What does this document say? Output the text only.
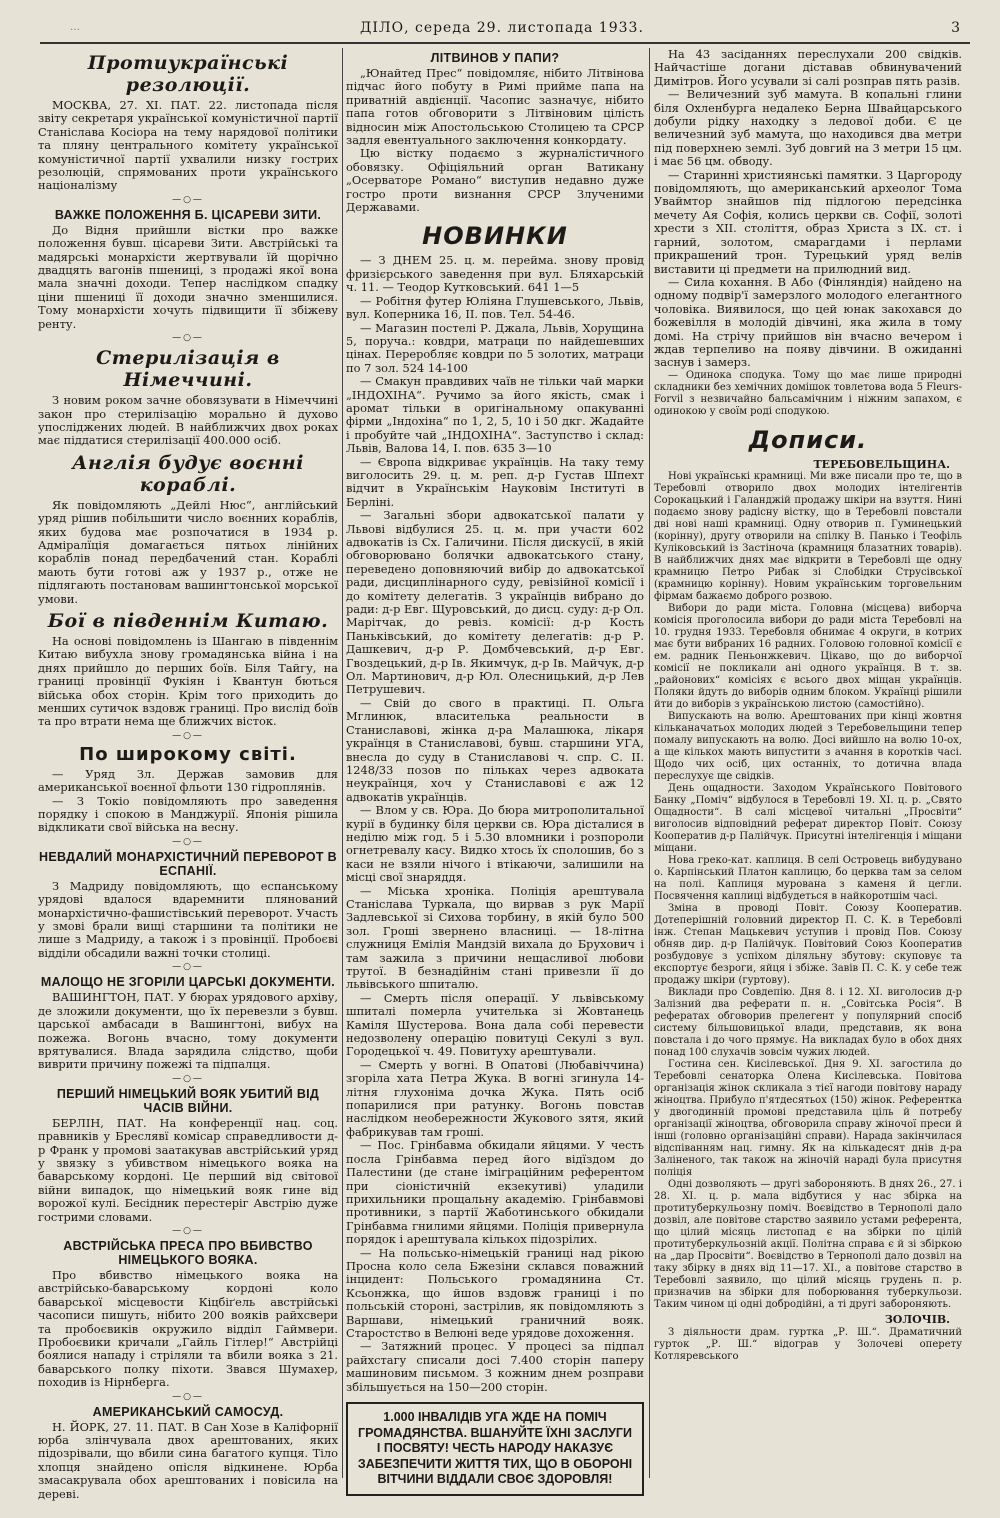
…	ДІЛО, середа 29. листопада 1933.	3
Протиукраїнські резолюції.

МОСКВА, 27. ХІ. ПАТ. 22. листопада після звіту секретаря української комуністичної партії Станіслава Косіора на тему нарядової політики та пляну центрального комітету української комуністичної партії ухвалили низку гострих резолюцій, спрямованих проти українського націоналізму

—○—
ВАЖКЕ ПОЛОЖЕННЯ Б. ЦІСАРЕВИ ЗИТИ.

До Відня прийшли вістки про важке положення бувш. цісареви Зити. Австрійські та мадярські монархісти жертвували їй щорічно двадцять вагонів пшениці, з продажі якої вона мала значні доходи. Тепер наслідком спадку ціни пшениці її доходи значно зменшилися. Тому монархісти хочуть підвищити її збіжеву ренту.

—○—
Стерилізація в Німеччині.

З новим роком зачне обовязувати в Німеччині закон про стерилізацію морально й духово упосліджених людей. В найближчих двох роках має піддатися стерилізації 400.000 осіб.

Англія будує воєнні кораблі.

Як повідомляють „Дейлі Нюс“, англійський уряд рішив побільшити число воєнних кораблів, яких будова має розпочатися в 1934 р. Адміралїція домагається пятьох лінійних кораблів понад передбачений стан. Кораблі мають бути готові аж у 1937 р., отже не підлягають постановам вашингтонської морської умови.

Бої в південнім Китаю.

На основі повідомлень із Шангаю в південнім Китаю вибухла знову громадянська війна і на днях прийшло до перших боїв. Біля Тайгу, на границі провінції Фукіян і Квантун бються війська обох сторін. Крім того приходить до менших сутичок вздовж границі. Про вислід боїв та про втрати нема ще ближчих вісток.

—○—
По широкому світі.

— Уряд Зл. Держав замовив для американської воєнної фльоти 130 гідроплянів.

— З Токіо повідомляють про заведення порядку і спокою в Манджурії. Японія рішила відкликати свої війська на весну.

—○—
НЕВДАЛИЙ МОНАРХІСТИЧНИЙ ПЕРЕВОРОТ В ЕСПАНІЇ.

З Мадриду повідомляють, що еспанському урядові вдалося вдаремнити плянований монархістично-фашистівський переворот. Участь у змові брали вищі старшини та політики не лише з Мадриду, а також і з провінції. Пробоєві відділи обсадили важні точки столиці.

—○—
МАЛОЩО НЕ ЗГОРІЛИ ЦАРСЬКІ ДОКУМЕНТИ.

ВАШИНГТОН, ПАТ. У бюрах урядового архіву, де зложили документи, що їх перевезли з бувш. царської амбасади в Вашингтоні, вибух на пожежа. Вогонь вчасно, тому документи врятувалися. Влада зарядила слідство, щоби виврити причину пожежі та підпалця.

—○—
ПЕРШИЙ НІМЕЦЬКИЙ ВОЯК УБИТИЙ ВІД ЧАСІВ ВІЙНИ.

БЕРЛІН, ПАТ. На конференції нац. соц. правників у Бреслявї комісар справедливости д-р Франк у промові заатакував австрійський уряд у звязку з убивством німецького вояка на баварському кордоні. Це перший від світової війни випадок, що німецький вояк гине від ворожої кулі. Бесідник перестеріг Австрію дуже гострими словами.

—○—
АВСТРІЙСЬКА ПРЕСА ПРО ВБИВСТВО НІМЕЦЬКОГО ВОЯКА.

Про вбивство німецького вояка на австрійсько-баварському кордоні коло баварської місцевости Кіцбіґель австрійські часописи пишуть, нібито 200 вояків райхсвери та пробоєвиків окружило відділ Гаймвери. Пробоєвики кричали „Гайль Гітлер!“ Австрійці боялися нападу і стріляли та вбили вояка з 21. баварського полку піхоти. Звався Шумахер, походив із Нірнберга.

—○—
АМЕРИКАНСЬКИЙ САМОСУД.

Н. ЙОРК, 27. 11. ПАТ. В Сан Хозе в Каліфорнії юрба злінчувала двох арештованих, яких підозрівали, що вбили сина багатого купця. Тіло хлопця знайдено опісля відкинене. Юрба змасакрувала обох арештованих і повісила на дереві.

ЛІТВИНОВ У ПАПИ?

„Юнайтед Прес“ повідомляє, нібито Літвінова підчас його побуту в Римі прийме папа на приватній авдієнції. Часопис зазначує, нібито папа готов обговорити з Літвіновим цілість відносин між Апостольською Столицею та СРСР задля евентуального заключення конкордату.

Цю вістку подаємо з журналістичного обовязку. Офіціяльний орган Ватикану „Осерваторе Романо“ виступив недавно дуже гостро проти визнання СРСР Злученими Державами.

НОВИНКИ

— З ДНЕМ 25. ц. м. перейма. знову провід фризієрського заведення при вул. Бляхарській ч. 11. — Теодор Кутковський. 641 1—5

— Робітня футер Юліяна Глушевського, Львів, вул. Коперника 16, II. пов. Тел. 54-46.

— Магазин постелі Р. Джала, Львів, Хорущина 5, поруча.: ковдри, матраци по найдешевших цінах. Переробляє ковдри по 5 золотих, матраци по 7 зол. 524 14-100

— Смакун правдивих чаїв не тільки чай марки „ІНДОХІНА“. Ручимо за його якість, смак і аромат тільки в оригінальному опакуванні фірми „Індохіна“ по 1, 2, 5, 10 і 50 дкг. Жадайте і пробуйте чай „ІНДОХІНА“. Заступство і склад: Львів, Валова 14, І. пов. 635 3—10

— Європа відкриває українців. На таку тему виголосить 29. ц. м. реп. д-р Густав Шпехт відчит в Українськім Науковім Інституті в Берліні.

— Загальні збори адвокатської палати у Львові відбулися 25. ц. м. при участи 602 адвокатів із Сх. Галичини. Після дискусії, в якій обговорювано болячки адвокатського стану, переведено доповняючий вибір до адвокатської ради, дисциплінарного суду, ревізійної комісії і до комітету делегатів. З українців вибрано до ради: д-р Евг. Щуровський, до дисц. суду: д-р Ол. Марітчак, до ревіз. комісії: д-р Кость Паньківський, до комітету делегатів: д-р Р. Дашкевич, д-р Р. Домбчевський, д-р Евг. Гвоздецький, д-р Ів. Якимчук, д-р Ів. Майчук, д-р Ол. Мартинович, д-р Юл. Олесницький, д-р Лев Петрушевич.

— Свій до свого в практиці. П. Ольга Мглинюк, власителька реальности в Станиславові, жінка д-ра Малашюка, лікаря українця в Станиславові, бувш. старшини УГА, внесла до суду в Станиславові ч. спр. С. II. 1248/33 позов по пільках через адвоката неукраїнця, хоч у Станиславові є аж 12 адвокатів українців.

— Влом у св. Юра. До бюра митрополитальної курії в будинку біля церкви св. Юра дісталися в неділю між год. 5 і 5.30 вломники і розпороли огнетревалу касу. Видко хтось їх сполошив, бо з каси не взяли нічого і втікаючи, залишили на місці свої знаряддя.

— Міська хроніка. Поліція арештувала Станіслава Туркала, що вирвав з рук Марії Задлевської зі Сихова торбину, в якій було 500 зол. Гроші звернено власниці. — 18-літна служниця Емілія Мандзій вихала до Брухович і там зажила з причини нещасливої любови трутої. В безнадійнім стані привезли її до львівського шпиталю.

— Смерть після операції. У львівському шпиталі померла учителька зі Жовтанець Каміля Шустерова. Вона дала собі перевести недозволену операцію повитуці Секулі з вул. Городецької ч. 49. Повитуху арештували.

— Смерть у вогні. В Опатові (Любавіччина) згоріла хата Петра Жука. В вогні згинула 14-літня глухоніма дочка Жука. Пять осіб попарилися при ратунку. Вогонь повстав наслідком необережности Жукового зятя, який фабрикував там гроші.

— Пос. Грінбавма обкидали яйцями. У честь посла Грінбавма перед його відїздом до Палестини (де стане іміграційним референтом при сіоністичній екзекутиві) уладили прихильники прощальну академію. Грінбавмові противники, з партії Жаботинського обкидали Грінбавма гнилими яйцями. Поліція привернула порядок і арештувала кількох підозрілих.

— На польсько-німецькій границі над рікою Просна коло села Бжезіни склався поважний інцидент: Польського громадянина Ст. Ксьонжка, що йшов вздовж границі і по польській стороні, застрілив, як повідомляють з Варшави, німецький граничний вояк. Старостство в Велюні веде урядове дохоження.

— Затяжний процес. У процесі за підпал райхстагу списали досі 7.400 сторін паперу машиновим письмом. З кожним днем розправи збільшується на 150—200 сторін.

1.000 ІНВАЛІДІВ УГА ЖДЕ НА ПОМІЧ ГРОМАДЯНСТВА. ВШАНУЙТЕ ЇХНІ ЗАСЛУГИ І ПОСВЯТУ! ЧЕСТЬ НАРОДУ НАКАЗУЄ ЗАБЕЗПЕЧИТИ ЖИТТЯ ТИХ, ЩО В ОБОРОНІ ВІТЧИНИ ВІДДАЛИ СВОЄ ЗДОРОВЛЯ!

На 43 засіданнях переслухали 200 свідків. Найчастіше догани діставав обвинувачений Димітров. Його усували зі салі розправ пять разів.

— Величезний зуб мамута. В копальні глини біля Охленбурга недалеко Берна Швайцарського добули рідку находку з ледової доби. Є це величезний зуб мамута, що находився два метри під поверхнею землі. Зуб довгий на 3 метри 15 цм. і має 56 цм. обводу.

— Старинні християнські памятки. З Царгороду повідомляють, що американський археолог Тома Уваймтор знайшов під підлогою передсінка мечету Ая Софія, колись церкви св. Софії, золоті хрести з XII. століття, образ Христа з IX. ст. і гарний, золотом, смарагдами і перлами прикрашений трон. Турецький уряд велів виставити ці предмети на прилюдний вид.

— Сила кохання. В Або (Фінляндія) найдено на одному подвір'ї замерзлого молодого елегантного чоловіка. Виявилося, що цей юнак закохався до божевілля в молодій дівчині, яка жила в тому домі. На стрічу прийшов він вчасно вечером і ждав терпеливо на появу дівчини. В ожиданні заснув і замерз.

— Одинока сподука. Тому що має лише природні складники без хемічних домішок товлетова вода 5 Fleurs-Forvil з незвичайно бальсамічним і ніжним запахом, є одинокою у своїм роді сподукою.

Дописи.
ТЕРЕБОВЕЛЬЩИНА.

Нові українські крамниці. Ми вже писали про те, що в Теребовлі отворило двох молодих інтелігентів Сорокацький і Галанджій продажу шкіри на взуття. Нині подаємо знову радісну вістку, що в Теребовлі повстали дві нові наші крамниці. Одну отворив п. Гуминецький (корінну), другу отворили на спілку В. Панько і Теофіль Куліковський із Застіноча (крамниця блазатних товарів). В найближчих днях має відкрити в Теребовлі ще одну крамницю Петро Рибак зі Слобідки Струсівської (крамницю корінну). Новим українським торговельним фірмам бажаємо доброго розвою.

Вибори до ради міста. Головна (місцева) виборча комісія проголосила вибори до ради міста Теребовлі на 10. грудня 1933. Теребовля обнимає 4 округи, в котрих має бути вибраних 16 радних. Головою головної комісії є ем. радник Пеньонжкевич. Цікаво, що до виборчої комісії не покликали ані одного українця. В т. зв. „районових“ комісіях є всього двох міщан українців. Поляки йдуть до виборів одним блоком. Українці рішили йти до виборів з українською листою (самостійно).

Випускають на волю. Арештованих при кінці жовтня кільканачатьох молодих людей з Теребовельщини тепер помалу випускають на волю. Досі вийшло на волю 10-ох, а ще кількох мають випустити з ачання в коротків часі. Щодо чих осіб, цих останніх, то дотична влада переслухує ще свідків.

День ощадности. Заходом Українського Повітового Банку „Поміч“ відбулося в Теребовлі 19. XI. ц. р. „Свято Ощадности“. В салі місцевої читальні „Просвіти“ виголосив відповідний реферат директор Повіт. Союзу Кооператив д-р Палійчук. Присутні інтелігенція і міщани міщани.

Нова греко-кат. каплиця. В селі Островець вибудувано о. Карпінський Платон каплицю, бо церква там за селом на полі. Каплиця мурована з каменя й цегли. Посвячення каплиці відбудеться в найкоротшім часі.

Зміна в проводі Повіт. Союзу Кооператив. Дотеперішній головний директор П. С. К. в Теребовлі інж. Степан Мацькевич уступив і провід Пов. Союзу обняв дир. д-р Палійчук. Повітовий Союз Кооператив розбудовує з успіхом діляльну збутову: скуповує та експортує безроги, яйця і збіже. Завів П. С. К. у себе теж продажу шкіри (гуртову).

Виклади про Совдепію. Дня 8. і 12. XI. виголосив д-р Залізний два реферати п. н. „Совітська Росія“. В рефератах обговорив прелегент у популярний спосіб систему більшовицької влади, представив, як вона повстала і до чого прямує. На викладах було в обох днях понад 100 слухачів зовсім чужих людей.

Гостина сен. Кисілевської. Дня 9. XI. загостила до Теребовлі сенаторка Олена Кисілевська. Повітова організація жінок скликала з тієї нагоди повітову нараду жіноцтва. Прибуло п'ятдесятьох (150) жінок. Референтка у двогодинній промові представила ціль й потребу організації жіноцтва, обговорила справу жіночої преси й інші (головно організаційні справи). Нарада закінчилася відспіванням нац. гимну. Як на кількадесят днів д-ра Заліненого, так також на жіночій нараді була присутня поліція

Одні дозволяють — другі забороняють. В днях 26., 27. і 28. XI. ц. р. мала відбутися у нас збірка на протитуберкульозну поміч. Воєвідство в Тернополі дало дозвіл, але повітове старство заявило устами референта, що цілий місяць листопад є на збірки по цілій протитуберкульозній акції. Політна справа є й зі збіркою на „дар Просвіти“. Воєвідство в Тернополі дало дозвіл на таку збірку в днях від 11—17. XI., а повітове старство в Теребовлі заявило, що цілий місяць грудень п. р. призначив на збірки для поборювання туберкульози. Таким чином ці одні добродійні, а ті другі забороняють.

ЗОЛОЧІВ.

З діяльности драм. гуртка „Р. Ш.“. Драматичний гурток „Р. Ш.“ відограв у Золочеві оперету Котляревського
